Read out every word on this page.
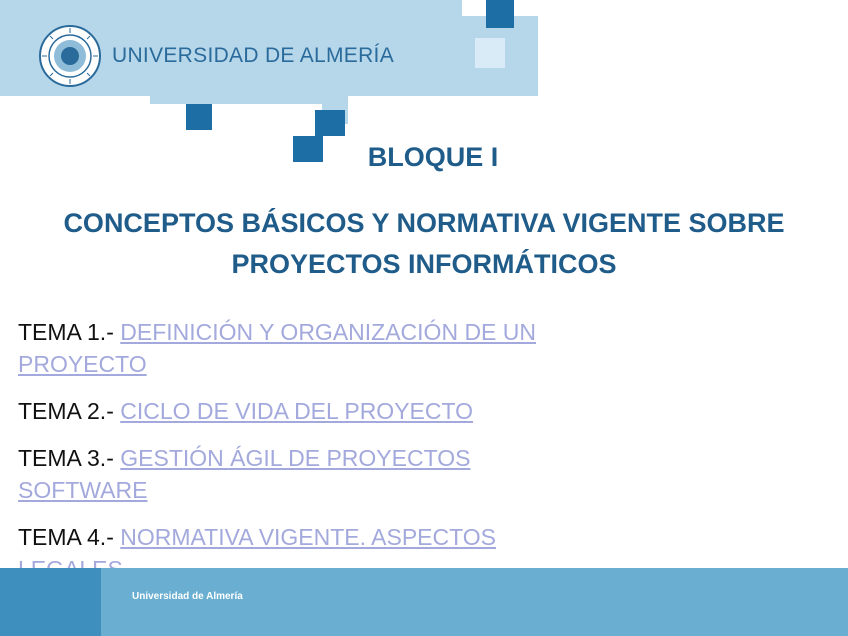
UNIVERSIDAD DE ALMERÍA
BLOQUE I
CONCEPTOS BÁSICOS Y NORMATIVA VIGENTE SOBRE PROYECTOS INFORMÁTICOS
TEMA 1.- DEFINICIÓN Y ORGANIZACIÓN DE UN PROYECTO
TEMA 2.- CICLO DE VIDA DEL PROYECTO
TEMA 3.- GESTIÓN ÁGIL DE PROYECTOS SOFTWARE
TEMA 4.- NORMATIVA VIGENTE. ASPECTOS
Universidad de Almería
